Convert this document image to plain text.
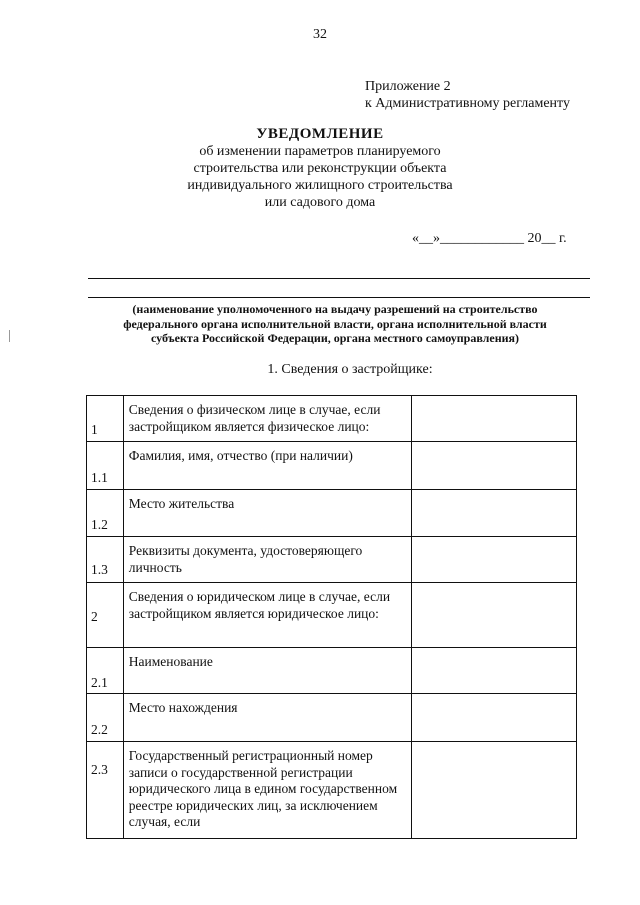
32
Приложение 2
к Административному регламенту
УВЕДОМЛЕНИЕ
об изменении параметров планируемого
строительства или реконструкции объекта
индивидуального жилищного строительства
или садового дома
«__»____________ 20__ г.
(наименование уполномоченного на выдачу разрешений на строительство
федерального органа исполнительной власти, органа исполнительной власти
субъекта Российской Федерации, органа местного самоуправления)
1. Сведения о застройщике:
1	Сведения о физическом лице в случае, если застройщиком является физическое лицо:	

1.1	Фамилия, имя, отчество (при наличии)	

1.2	Место жительства	

1.3	Реквизиты документа, удостоверяющего личность	

2	Сведения о юридическом лице в случае, если застройщиком является юридическое лицо:	

2.1	Наименование	

2.2	Место нахождения	

2.3	Государственный регистрационный номер записи о государственной регистрации юридического лица в едином государственном реестре юридических лиц, за исключением случая, если	
